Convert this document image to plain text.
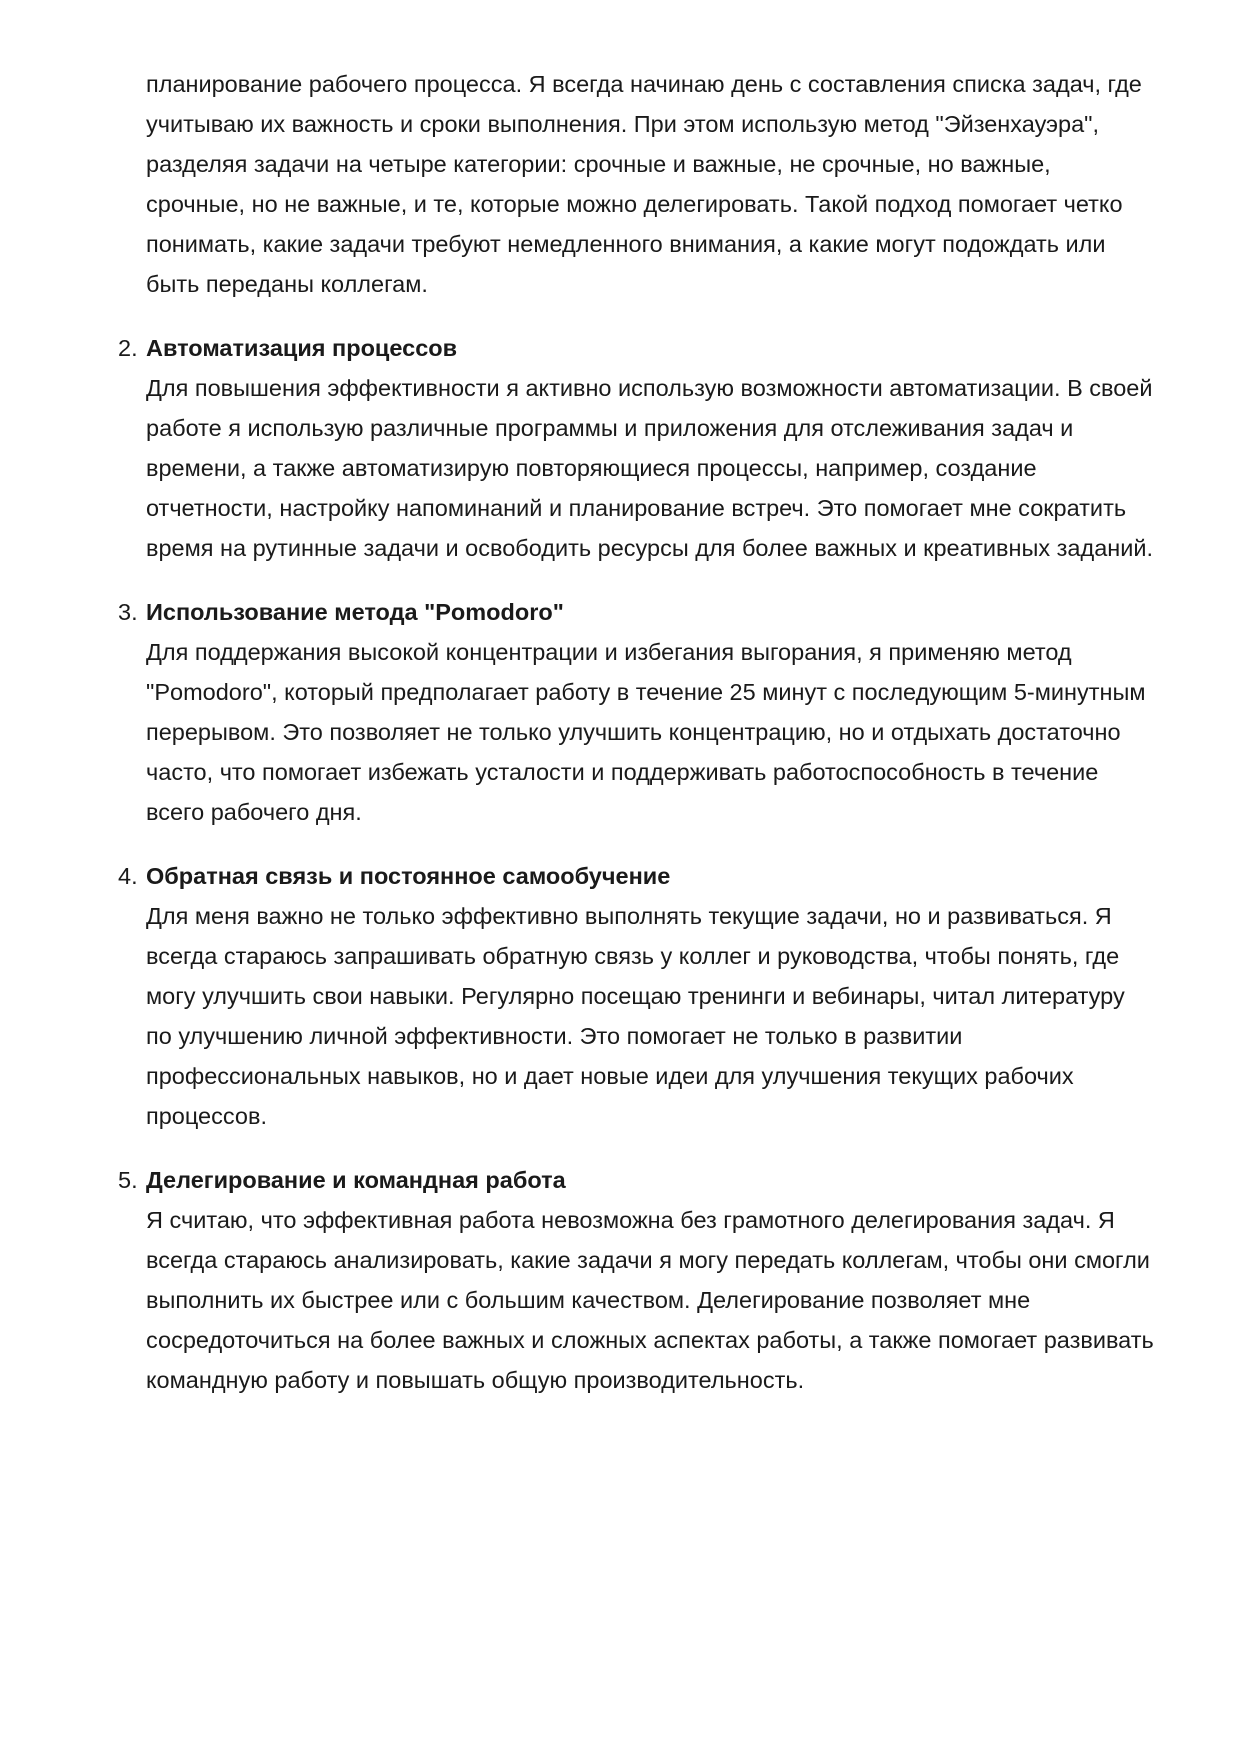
планирование рабочего процесса. Я всегда начинаю день с составления списка задач, где учитываю их важность и сроки выполнения. При этом использую метод "Эйзенхауэра", разделяя задачи на четыре категории: срочные и важные, не срочные, но важные, срочные, но не важные, и те, которые можно делегировать. Такой подход помогает четко понимать, какие задачи требуют немедленного внимания, а какие могут подождать или быть переданы коллегам.

2. Автоматизация процессов

Для повышения эффективности я активно использую возможности автоматизации. В своей работе я использую различные программы и приложения для отслеживания задач и времени, а также автоматизирую повторяющиеся процессы, например, создание отчетности, настройку напоминаний и планирование встреч. Это помогает мне сократить время на рутинные задачи и освободить ресурсы для более важных и креативных заданий.

3. Использование метода "Pomodoro"

Для поддержания высокой концентрации и избегания выгорания, я применяю метод "Pomodoro", который предполагает работу в течение 25 минут с последующим 5-минутным перерывом. Это позволяет не только улучшить концентрацию, но и отдыхать достаточно часто, что помогает избежать усталости и поддерживать работоспособность в течение всего рабочего дня.

4. Обратная связь и постоянное самообучение

Для меня важно не только эффективно выполнять текущие задачи, но и развиваться. Я всегда стараюсь запрашивать обратную связь у коллег и руководства, чтобы понять, где могу улучшить свои навыки. Регулярно посещаю тренинги и вебинары, читал литературу по улучшению личной эффективности. Это помогает не только в развитии профессиональных навыков, но и дает новые идеи для улучшения текущих рабочих процессов.

5. Делегирование и командная работа

Я считаю, что эффективная работа невозможна без грамотного делегирования задач. Я всегда стараюсь анализировать, какие задачи я могу передать коллегам, чтобы они смогли выполнить их быстрее или с большим качеством. Делегирование позволяет мне сосредоточиться на более важных и сложных аспектах работы, а также помогает развивать командную работу и повышать общую производительность.
